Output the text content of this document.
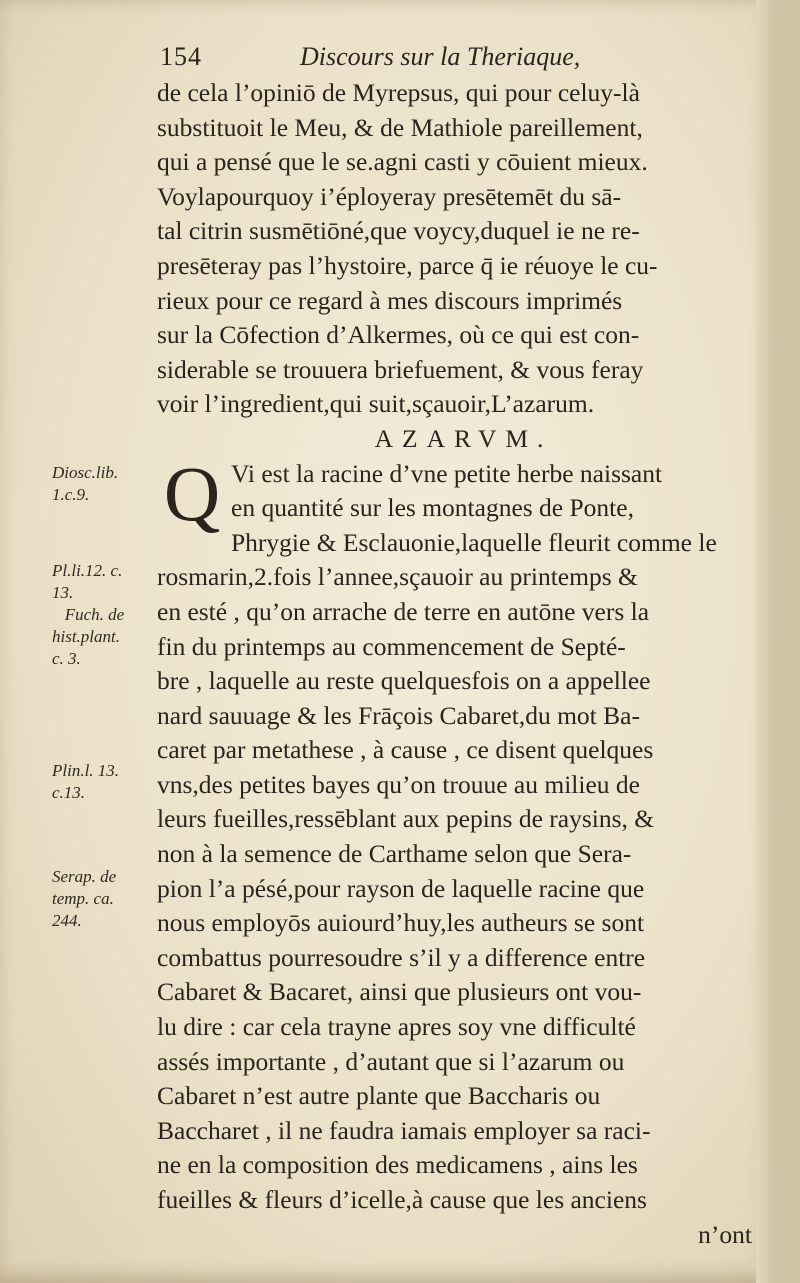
154	Discours sur la Theriaque,
de cela l’opiniō de Myrepsus, qui pour celuy-là
substituoit le Meu, & de Mathiole pareillement,
qui a pensé que le se.agni casti y cōuient mieux.
Voylapourquoy i’éployeray presētemēt du sā-
tal citrin susmētiōné,que voycy,duquel ie ne re-
presēteray pas l’hystoire, parce q̄ ie réuoye le cu-
rieux pour ce regard à mes discours imprimés
sur la Cōfection d’Alkermes, où ce qui est con-
siderable se trouuera briefuement, & vous feray
voir l’ingredient,qui suit,sçauoir,L’azarum.
AZARVM.
Q Vi est la racine d’vne petite herbe naissant
en quantité sur les montagnes de Ponte,
Phrygie & Esclauonie,laquelle fleurit comme le
rosmarin,2.fois l’annee,sçauoir au printemps &
en esté , qu’on arrache de terre en autōne vers la
fin du printemps au commencement de Septé-
bre , laquelle au reste quelquesfois on a appellee
nard sauuage & les Frāçois Cabaret,du mot Ba-
caret par metathese , à cause , ce disent quelques
vns,des petites bayes qu’on trouue au milieu de
leurs fueilles,ressēblant aux pepins de raysins, &
non à la semence de Carthame selon que Sera-
pion l’a pésé,pour rayson de laquelle racine que
nous employōs auiourd’huy,les autheurs se sont
combattus pourresoudre s’il y a difference entre
Cabaret & Bacaret, ainsi que plusieurs ont vou-
lu dire : car cela trayne apres soy vne difficulté
assés importante , d’autant que si l’azarum ou
Cabaret n’est autre plante que Baccharis ou
Baccharet , il ne faudra iamais employer sa raci-
ne en la composition des medicamens , ains les
fueilles & fleurs d’icelle,à cause que les anciens
n’ont
Diosc.lib.
1.c.9.
Pl.li.12. c.
13.
Fuch. de
hist.plant.
c. 3.
Plin.l. 13.
c.13.
Serap. de
temp. ca.
244.
